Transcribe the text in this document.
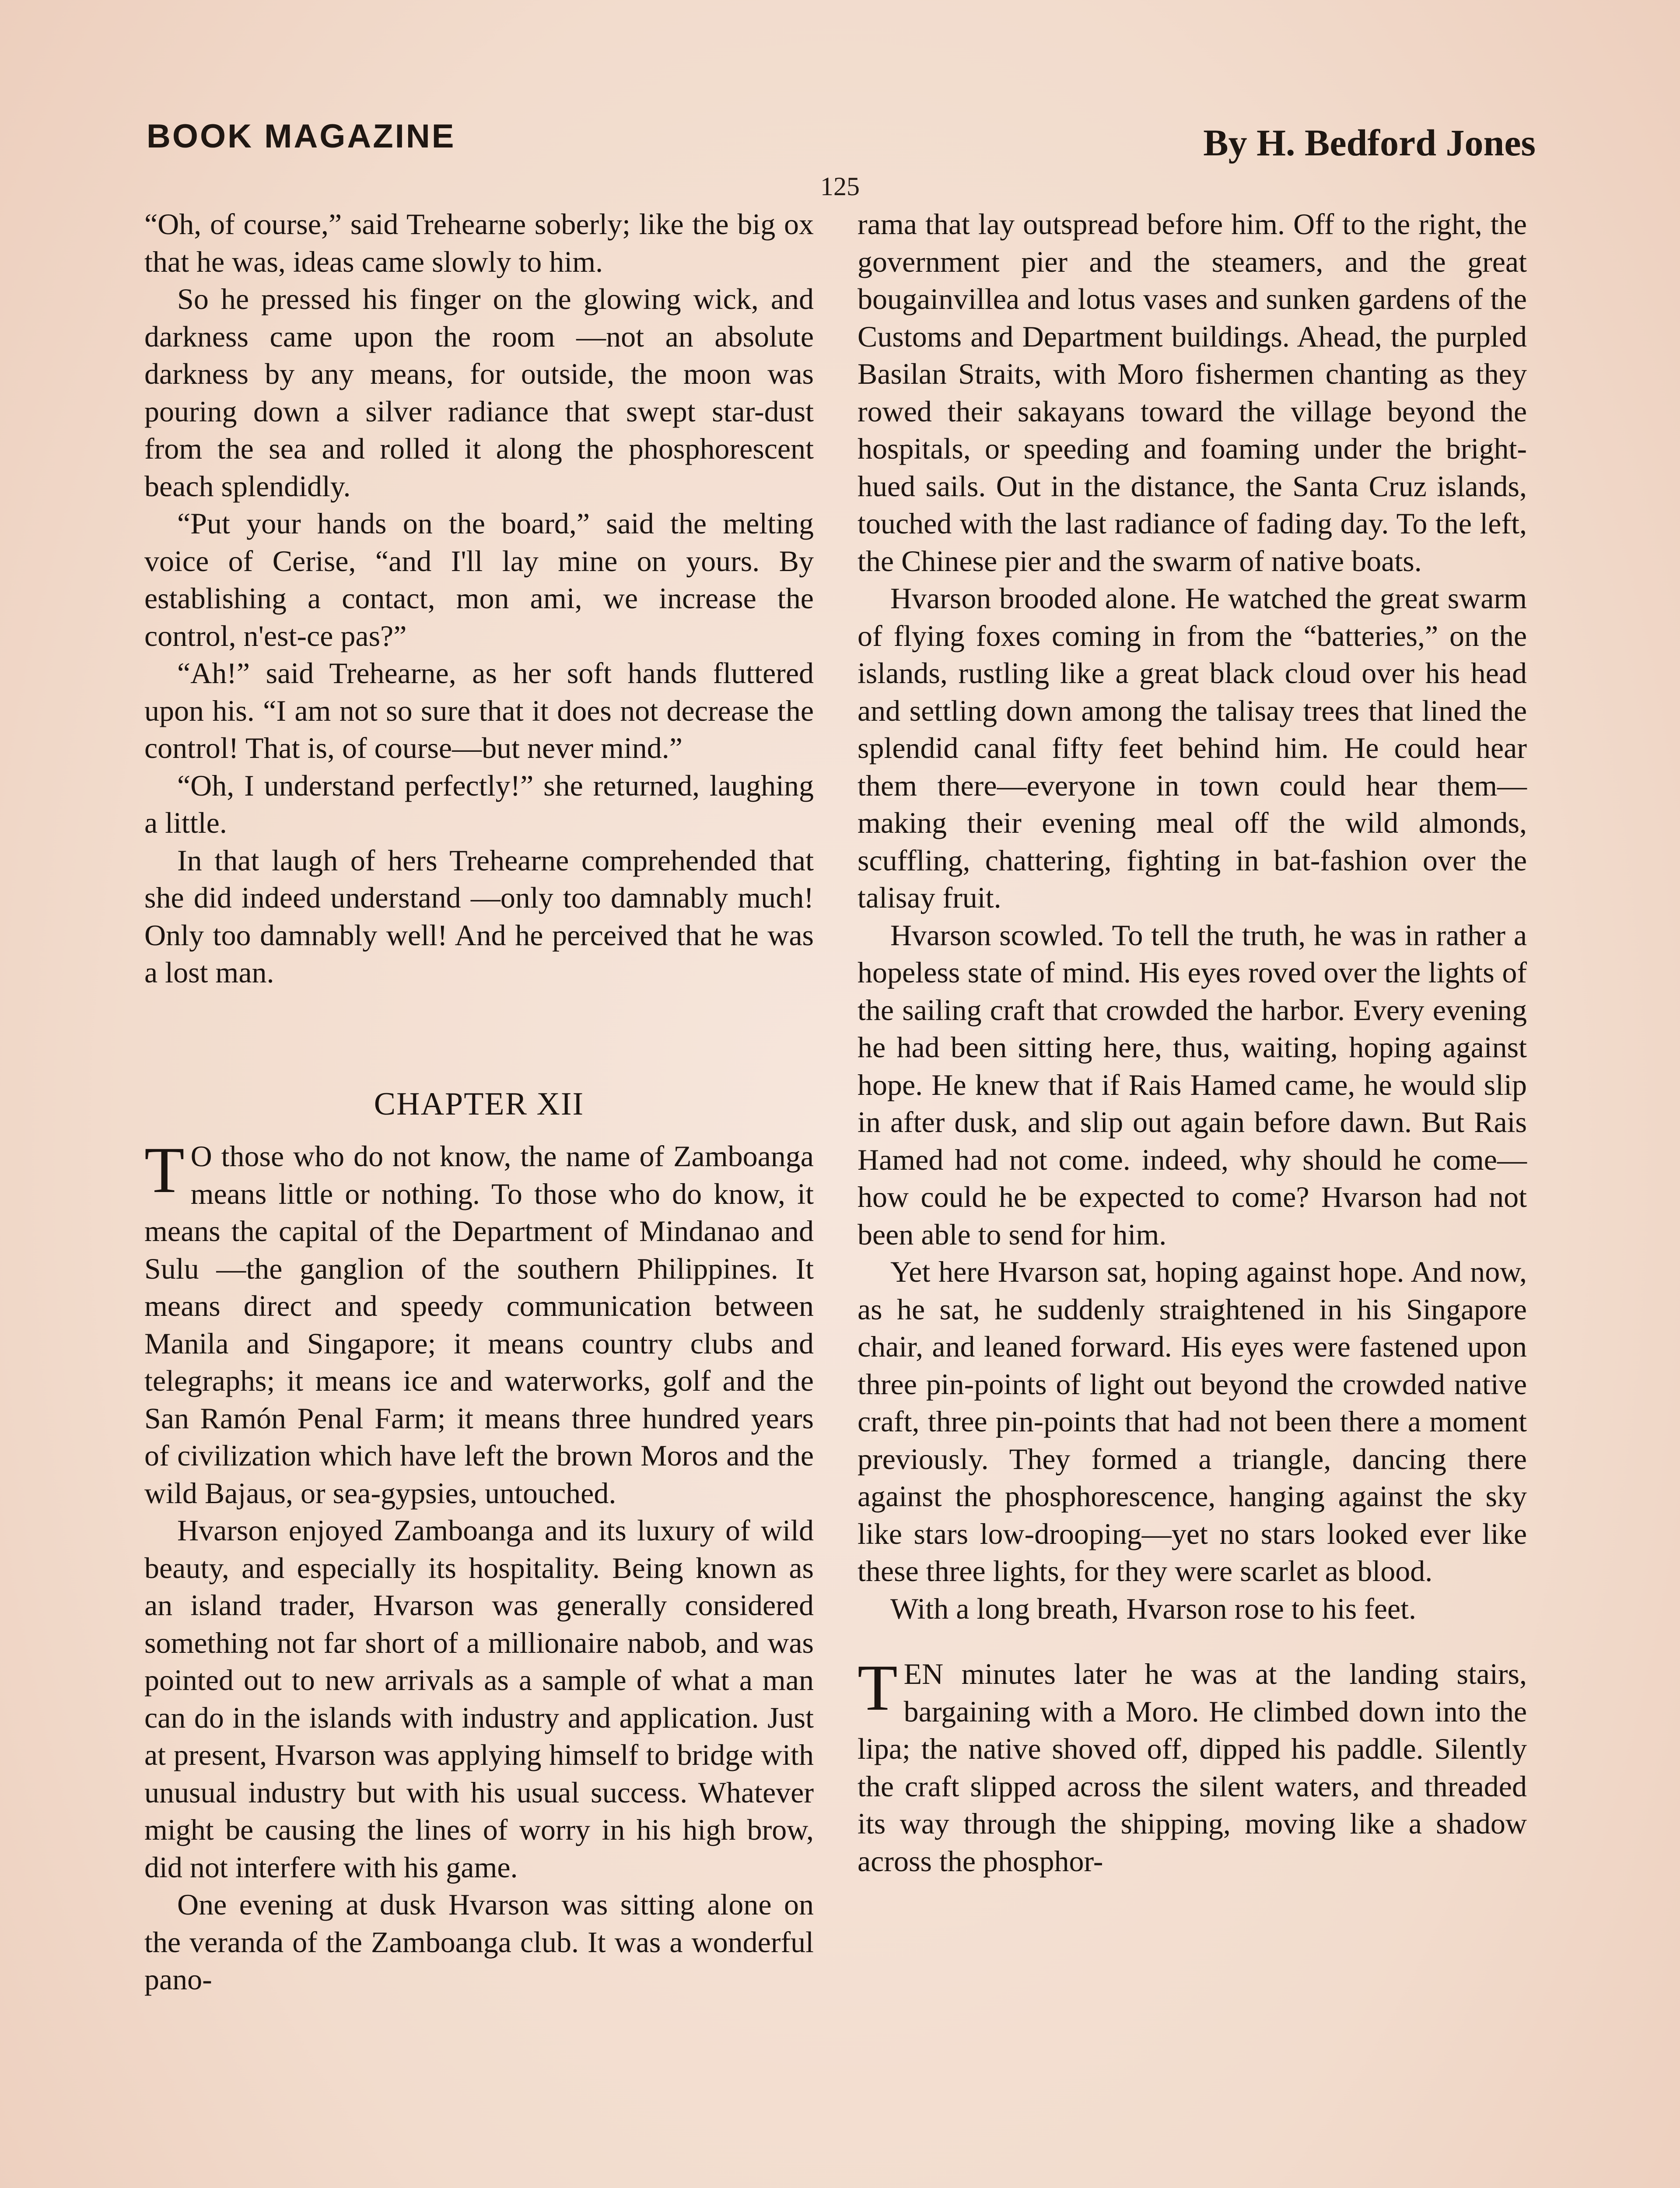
BOOK MAGAZINE	By H. Bedford Jones
125

“Oh, of course,” said Trehearne soberly; like the big ox that he was, ideas came slowly to him.

So he pressed his finger on the glowing wick, and darkness came upon the room —not an absolute darkness by any means, for outside, the moon was pouring down a silver radiance that swept star-dust from the sea and rolled it along the phosphorescent beach splendidly.

“Put your hands on the board,” said the melting voice of Cerise, “and I'll lay mine on yours. By establishing a contact, mon ami, we increase the control, n'est-ce pas?”

“Ah!” said Trehearne, as her soft hands fluttered upon his. “I am not so sure that it does not decrease the control! That is, of course—but never mind.”

“Oh, I understand perfectly!” she returned, laughing a little.

In that laugh of hers Trehearne comprehended that she did indeed understand —only too damnably much! Only too damnably well! And he perceived that he was a lost man.

CHAPTER XII

T O those who do not know, the name of Zamboanga means little or nothing. To those who do know, it means the capital of the Department of Mindanao and Sulu —the ganglion of the southern Philippines. It means direct and speedy communication between Manila and Singapore; it means country clubs and telegraphs; it means ice and waterworks, golf and the San Ramón Penal Farm; it means three hundred years of civilization which have left the brown Moros and the wild Bajaus, or sea-gypsies, untouched.

Hvarson enjoyed Zamboanga and its luxury of wild beauty, and especially its hospitality. Being known as an island trader, Hvarson was generally considered something not far short of a millionaire nabob, and was pointed out to new arrivals as a sample of what a man can do in the islands with industry and application. Just at present, Hvarson was applying himself to bridge with unusual industry but with his usual success. Whatever might be causing the lines of worry in his high brow, did not interfere with his game.

One evening at dusk Hvarson was sitting alone on the veranda of the Zamboanga club. It was a wonderful pano-

rama that lay outspread before him. Off to the right, the government pier and the steamers, and the great bougainvillea and lotus vases and sunken gardens of the Customs and Department buildings. Ahead, the purpled Basilan Straits, with Moro fishermen chanting as they rowed their sakayans toward the village beyond the hospitals, or speeding and foaming under the bright-hued sails. Out in the distance, the Santa Cruz islands, touched with the last radiance of fading day. To the left, the Chinese pier and the swarm of native boats.

Hvarson brooded alone. He watched the great swarm of flying foxes coming in from the “batteries,” on the islands, rustling like a great black cloud over his head and settling down among the talisay trees that lined the splendid canal fifty feet behind him. He could hear them there—everyone in town could hear them—making their evening meal off the wild almonds, scuffling, chattering, fighting in bat-fashion over the talisay fruit.

Hvarson scowled. To tell the truth, he was in rather a hopeless state of mind. His eyes roved over the lights of the sailing craft that crowded the harbor. Every evening he had been sitting here, thus, waiting, hoping against hope. He knew that if Rais Hamed came, he would slip in after dusk, and slip out again before dawn. But Rais Hamed had not come. indeed, why should he come—how could he be expected to come? Hvarson had not been able to send for him.

Yet here Hvarson sat, hoping against hope. And now, as he sat, he suddenly straightened in his Singapore chair, and leaned forward. His eyes were fastened upon three pin-points of light out beyond the crowded native craft, three pin-points that had not been there a moment previously. They formed a triangle, dancing there against the phosphorescence, hanging against the sky like stars low-drooping—yet no stars looked ever like these three lights, for they were scarlet as blood.

With a long breath, Hvarson rose to his feet.

TEN minutes later he was at the landing stairs, bargaining with a Moro. He climbed down into the lipa; the native shoved off, dipped his paddle. Silently the craft slipped across the silent waters, and threaded its way through the shipping, moving like a shadow across the phosphor-
